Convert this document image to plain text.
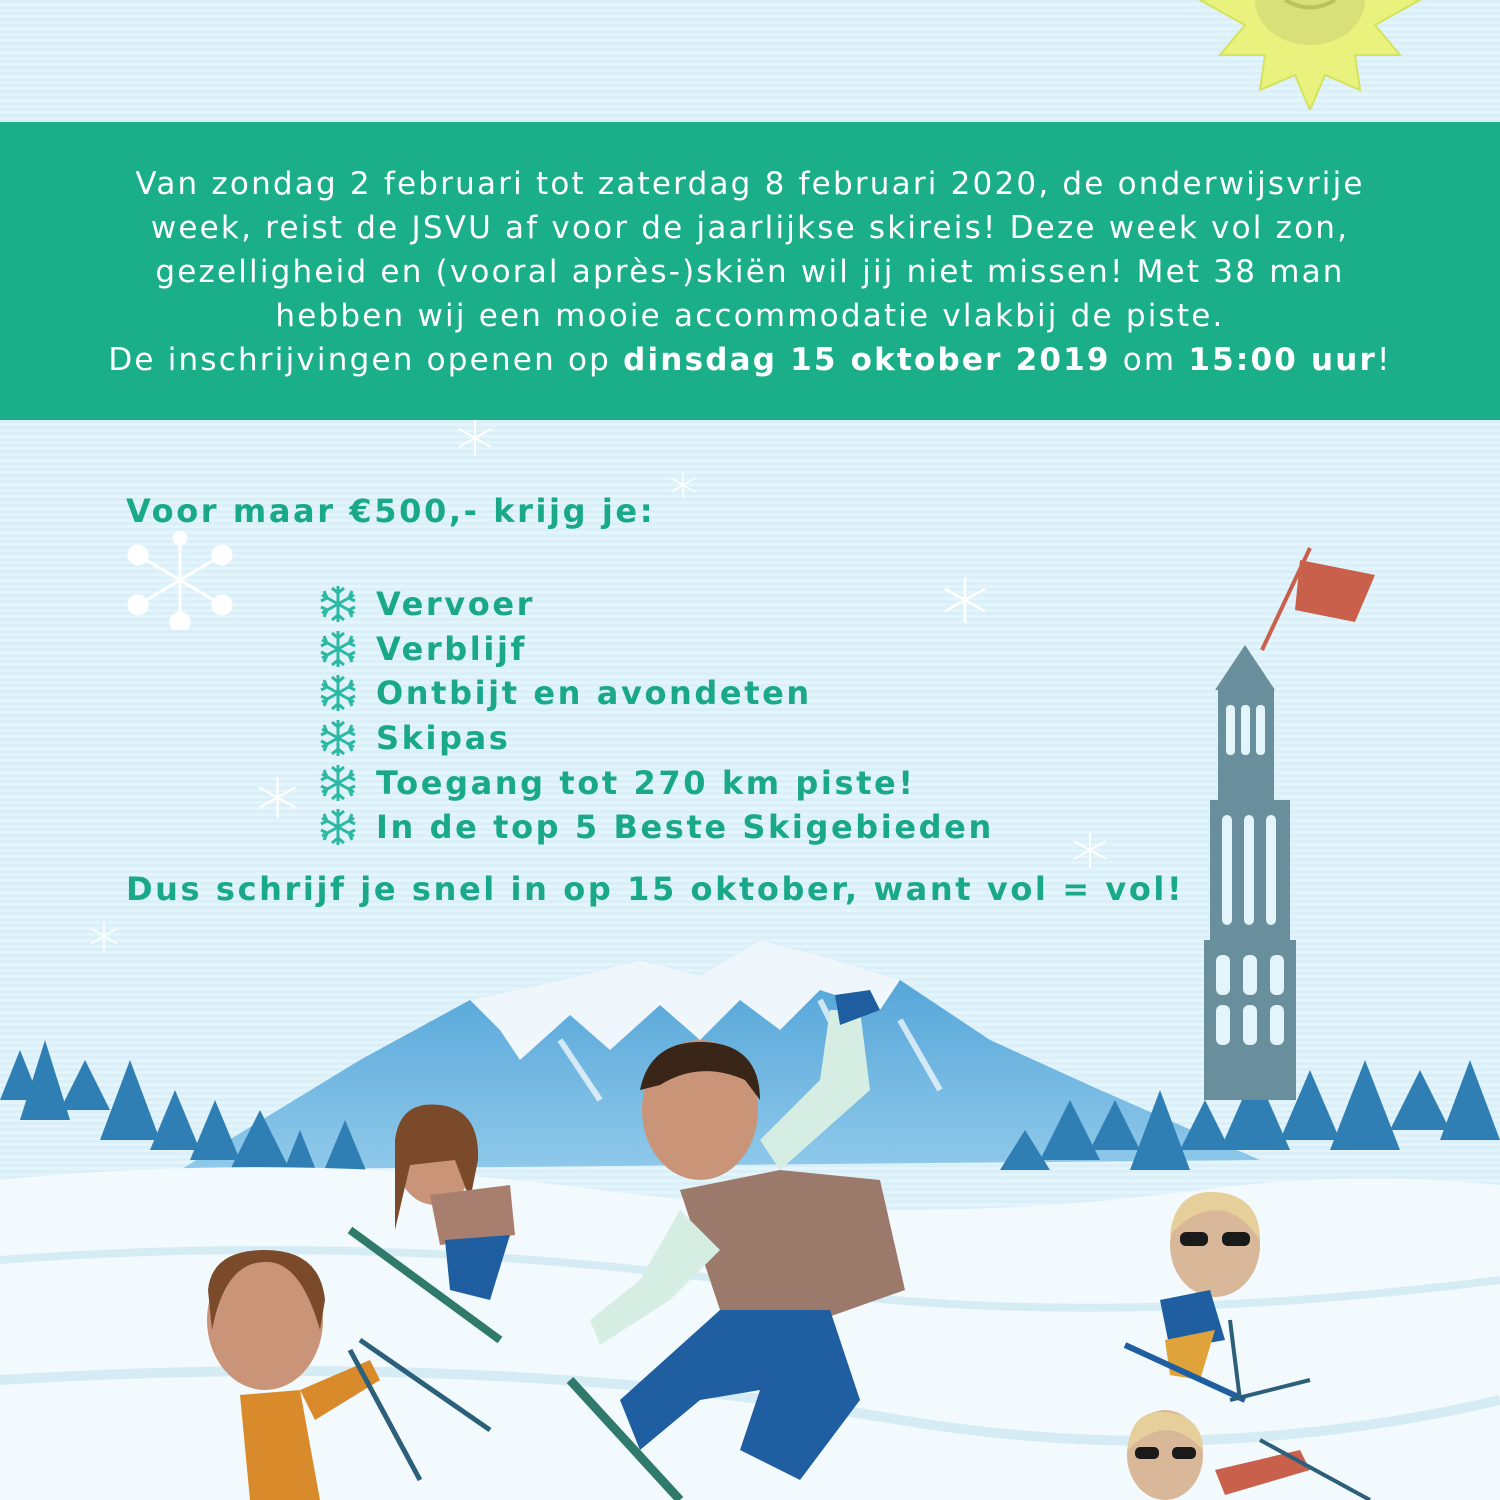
Van zondag 2 februari tot zaterdag 8 februari 2020, de onderwijsvrije
week, reist de JSVU af voor de jaarlijkse skireis! Deze week vol zon,
gezelligheid en (vooral après-)skiën wil jij niet missen! Met 38 man
hebben wij een mooie accommodatie vlakbij de piste.
De inschrijvingen openen op dinsdag 15 oktober 2019 om 15:00 uur!
Voor maar €500,- krijg je:
Vervoer
Verblijf
Ontbijt en avondeten
Skipas
Toegang tot 270 km piste!
In de top 5 Beste Skigebieden
Dus schrijf je snel in op 15 oktober, want vol = vol!
